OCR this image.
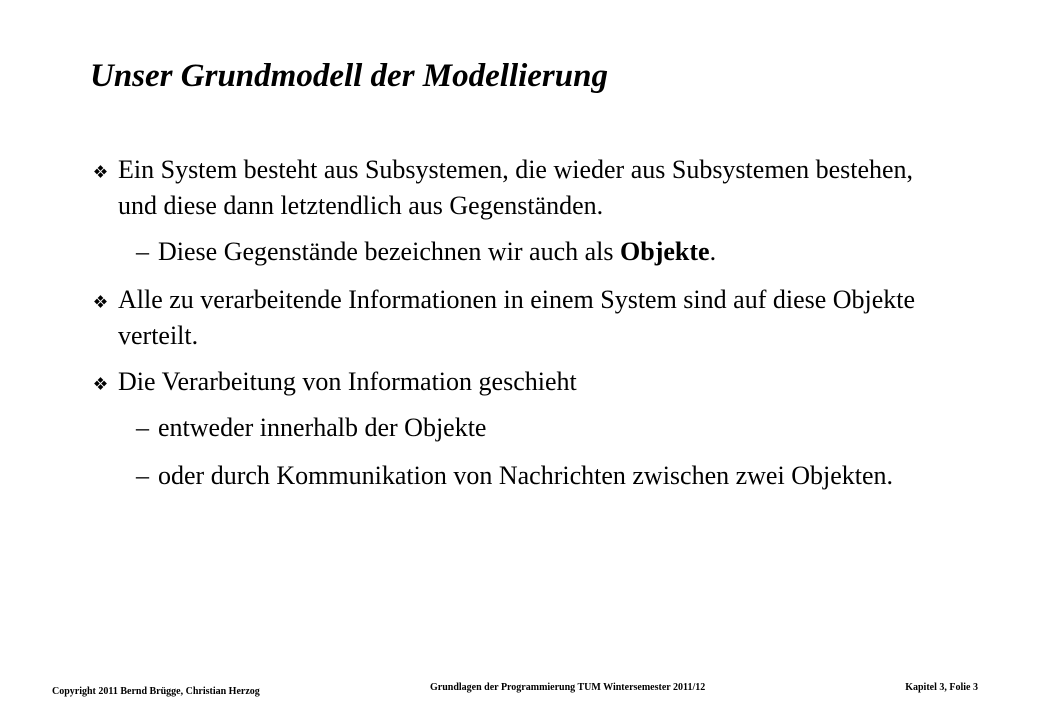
Unser Grundmodell der Modellierung
Ein System besteht aus Subsystemen, die wieder aus Subsystemen bestehen, und diese dann letztendlich aus Gegenständen.
– Diese Gegenstände bezeichnen wir auch als Objekte.
Alle zu verarbeitende Informationen in einem System sind auf diese Objekte verteilt.
Die Verarbeitung von Information geschieht
– entweder innerhalb der Objekte
– oder durch Kommunikation von Nachrichten zwischen zwei Objekten.
Copyright 2011 Bernd Brügge, Christian Herzog	Grundlagen der Programmierung TUM Wintersemester 2011/12	Kapitel 3, Folie 3
